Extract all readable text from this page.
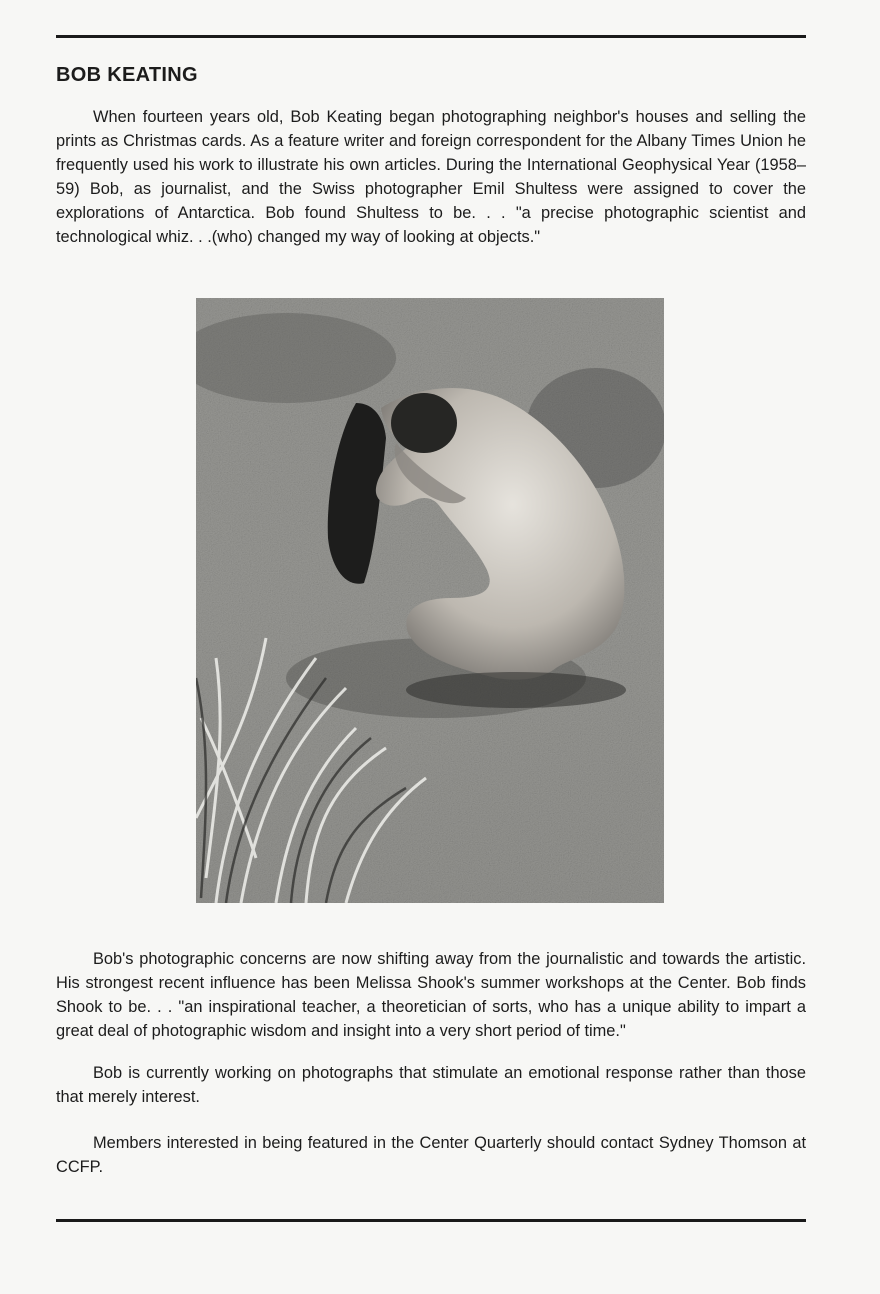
BOB KEATING

When fourteen years old, Bob Keating began photographing neighbor's houses and selling the prints as Christmas cards. As a feature writer and foreign correspondent for the Albany Times Union he frequently used his work to illustrate his own articles. During the International Geophysical Year (1958–59) Bob, as journalist, and the Swiss photographer Emil Shultess were assigned to cover the explorations of Antarctica. Bob found Shultess to be. . . "a precise photographic scientist and technological whiz. . .(who) changed my way of looking at objects."

Bob's photographic concerns are now shifting away from the journalistic and towards the artistic. His strongest recent influence has been Melissa Shook's summer workshops at the Center. Bob finds Shook to be. . . "an inspirational teacher, a theoretician of sorts, who has a unique ability to impart a great deal of photographic wisdom and insight into a very short period of time."

Bob is currently working on photographs that stimulate an emotional response rather than those that merely interest.

Members interested in being featured in the Center Quarterly should contact Sydney Thomson at CCFP.
